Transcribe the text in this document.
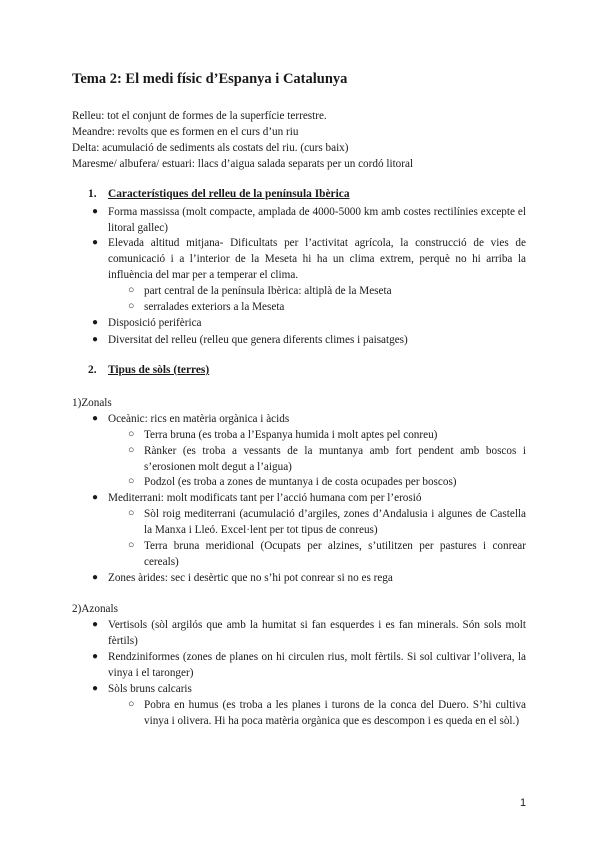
Tema 2: El medi físic d’Espanya i Catalunya
Relleu: tot el conjunt de formes de la superfície terrestre.
Meandre: revolts que es formen en el curs d’un riu
Delta: acumulació de sediments als costats del riu. (curs baix)
Maresme/ albufera/ estuari: llacs d’aigua salada separats per un cordó litoral
1. Característiques del relleu de la península Ibèrica
● Forma massissa (molt compacte, amplada de 4000-5000 km amb costes rectilínies excepte el litoral gallec)
● Elevada altitud mitjana- Dificultats per l’activitat agrícola, la construcció de vies de comunicació i a l’interior de la Meseta hi ha un clima extrem, perquè no hi arriba la influència del mar per a temperar el clima.
○ part central de la península Ibèrica: altiplà de la Meseta
○ serralades exteriors a la Meseta
● Disposició perifèrica
● Diversitat del relleu (relleu que genera diferents climes i paisatges)
2. Tipus de sòls (terres)
1)Zonals
● Oceànic: rics en matèria orgànica i àcids
○ Terra bruna (es troba a l’Espanya humida i molt aptes pel conreu)
○ Rànker (es troba a vessants de la muntanya amb fort pendent amb boscos i s’erosionen molt degut a l’aigua)
○ Podzol (es troba a zones de muntanya i de costa ocupades per boscos)
● Mediterrani: molt modificats tant per l’acció humana com per l’erosió
○ Sòl roig mediterrani (acumulació d’argiles, zones d’Andalusia i algunes de Castella la Manxa i Lleó. Excel·lent per tot tipus de conreus)
○ Terra bruna meridional (Ocupats per alzines, s’utilitzen per pastures i conrear cereals)
● Zones àrides: sec i desèrtic que no s’hi pot conrear si no es rega
2)Azonals
● Vertisols (sòl argilós que amb la humitat si fan esquerdes i es fan minerals. Són sols molt fèrtils)
● Rendziniformes (zones de planes on hi circulen rius, molt fèrtils. Si sol cultivar l’olivera, la vinya i el taronger)
● Sòls bruns calcaris
○ Pobra en humus (es troba a les planes i turons de la conca del Duero. S’hi cultiva vinya i olivera. Hi ha poca matèria orgànica que es descompon i es queda en el sòl.)
1
